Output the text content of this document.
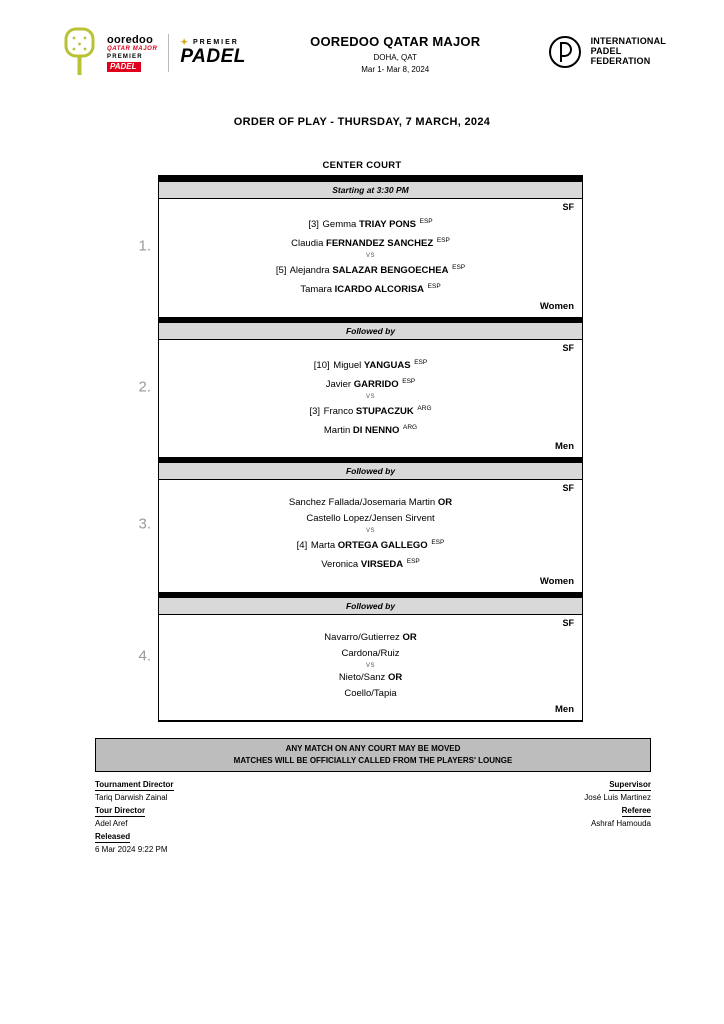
ooredoo
QATAR MAJOR
PREMIER
PADEL
✦ PREMIER
PADEL
OOREDOO QATAR MAJOR
DOHA, QAT
Mar 1- Mar 8, 2024
INTERNATIONAL
PADEL
FEDERATION
ORDER OF PLAY - THURSDAY, 7 MARCH, 2024
CENTER COURT
1.
Starting at 3:30 PM
SF
[3] Gemma TRIAY PONS $^{ESP}$
Claudia FERNANDEZ SANCHEZ $^{ESP}$
VS
[5] Alejandra SALAZAR BENGOECHEA $^{ESP}$
Tamara ICARDO ALCORISA $^{ESP}$
Women
2.
Followed by
SF
[10] Miguel YANGUAS $^{ESP}$
Javier GARRIDO $^{ESP}$
VS
[3] Franco STUPACZUK $^{ARG}$
Martin DI NENNO $^{ARG}$
Men
3.
Followed by
SF
Sanchez Fallada/Josemaria Martin OR
Castello Lopez/Jensen Sirvent
VS
[4] Marta ORTEGA GALLEGO $^{ESP}$
Veronica VIRSEDA $^{ESP}$
Women
4.
Followed by
SF
Navarro/Gutierrez OR
Cardona/Ruiz
VS
Nieto/Sanz OR
Coello/Tapia
Men
ANY MATCH ON ANY COURT MAY BE MOVED
MATCHES WILL BE OFFICIALLY CALLED FROM THE PLAYERS' LOUNGE
Tournament Director
Tariq Darwish Zainal
Tour Director
Adel Aref
Released
6 Mar 2024 9:22 PM
Supervisor
José Luis Martinez
Referee
Ashraf Hamouda
